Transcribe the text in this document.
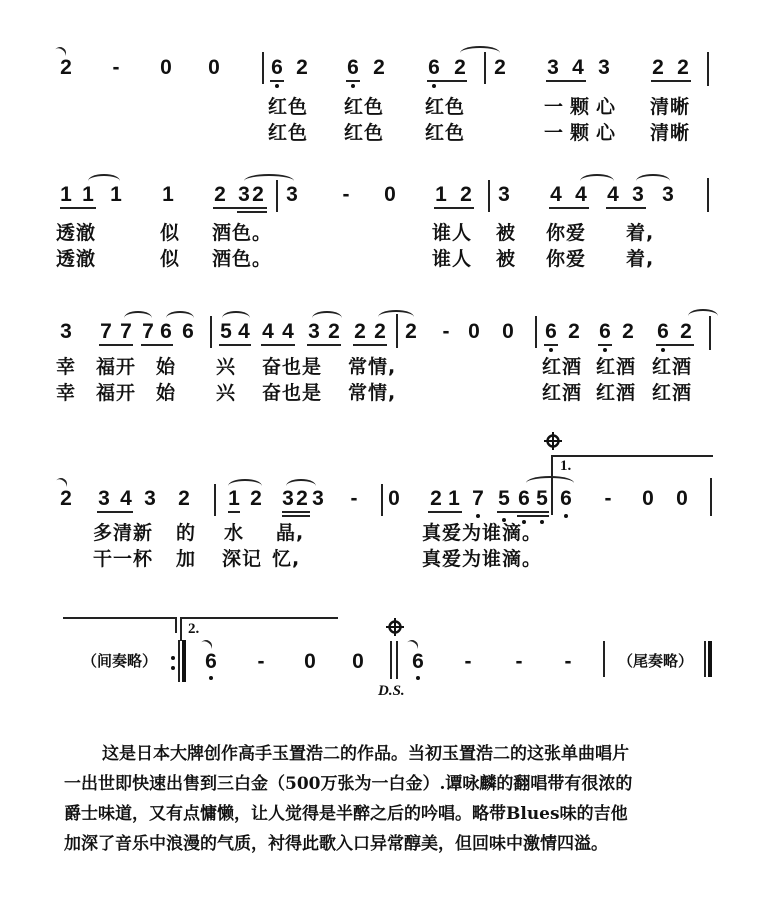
2 - 0 0 6 2 6 2 6 2 2 3 4 3 2 2
红色 红色 红色	一颗心 清晰
红色 红色 红色	一颗心 清晰
1 1 1 1 2 3 2 3 - 0 1 2 3 4 4 4 3 3
透澈	似 酒色。	谁人 被 你爱 着,
透澈	似 酒色。	谁人 被 你爱 着,
3 7 7 7 6 6 5 4 4 4 3 2 2 2 2 - 0 0 6 2 6 2 6 2
幸 福开 始 兴 奋也是 常情,	红酒 红酒 红酒
幸 福开 始 兴 奋也是 常情,	红酒 红酒 红酒
1.
2 3 4 3 2 1 2 3 2 3 - 0 2 1 7 5 6 5 6 - 0 0
多清新 的 水 晶,	真爱为谁滴。
干一杯 加 深记 忆,	真爱为谁滴。
2.
（间奏略） 6 - 0 0
D.S.
6 - - -	（尾奏略）
这是日本大牌创作高手玉置浩二的作品。当初玉置浩二的这张单曲唱片
一出世即快速出售到三白金（500万张为一白金）.谭咏麟的翻唱带有很浓的
爵士味道，又有点慵懒，让人觉得是半醉之后的吟唱。略带Blues味的吉他
加深了音乐中浪漫的气质，衬得此歌入口异常醇美，但回味中激情四溢。
